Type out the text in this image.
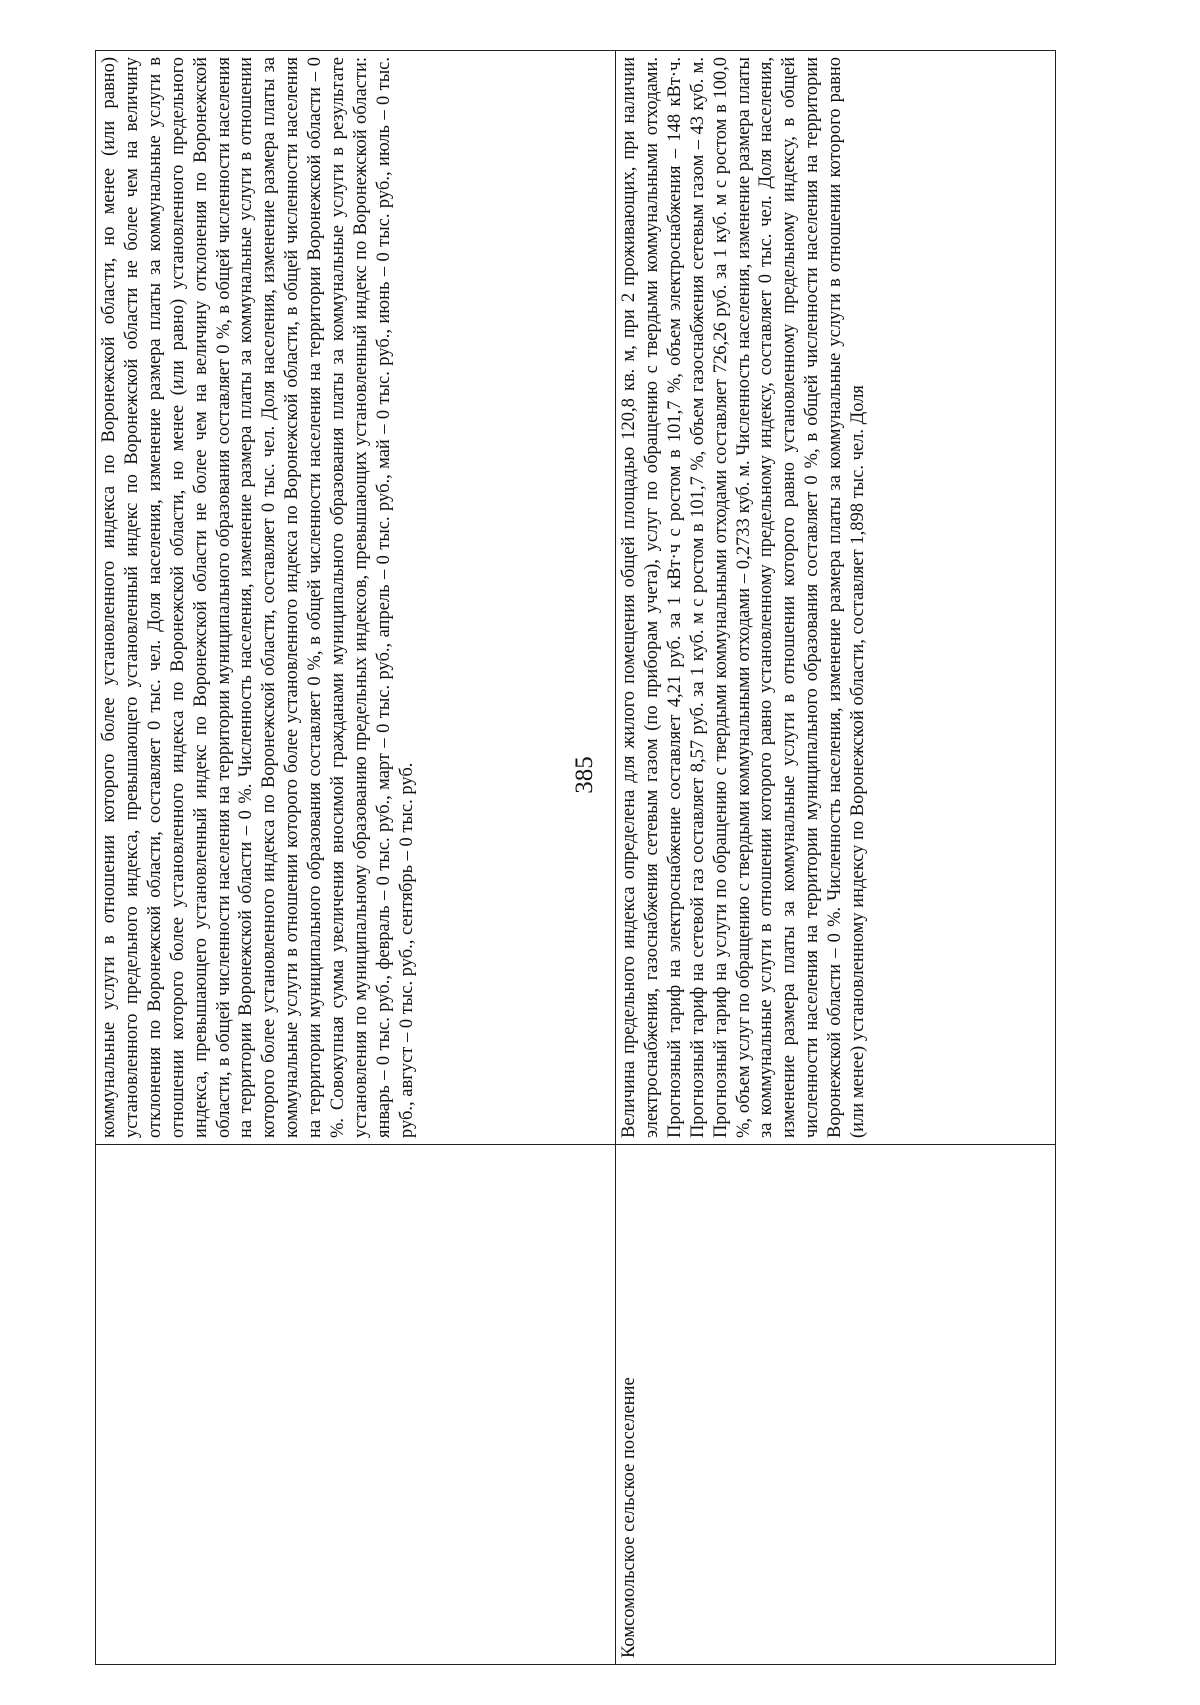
385
	коммунальные услуги в отношении которого более установленного индекса по Воронежской области, но менее (или равно) установленного предельного индекса, превышающего установленный индекс по Воронежской области не более чем на величину отклонения по Воронежской области, составляет 0 тыс. чел. Доля населения, изменение размера платы за коммунальные услуги в отношении которого более установленного индекса по Воронежской области, но менее (или равно) установленного предельного индекса, превышающего установленный индекс по Воронежской области не более чем на величину отклонения по Воронежской области, в общей численности населения на территории муниципального образования составляет 0 %, в общей численности населения на территории Воронежской области – 0 %. Численность населения, изменение размера платы за коммунальные услуги в отношении которого более установленного индекса по Воронежской области, составляет 0 тыс. чел. Доля населения, изменение размера платы за коммунальные услуги в отношении которого более установленного индекса по Воронежской области, в общей численности населения на территории муниципального образования составляет 0 %, в общей численности населения на территории Воронежской области – 0 %. Совокупная сумма увеличения вносимой гражданами муниципального образования платы за коммунальные услуги в результате установления по муниципальному образованию предельных индексов, превышающих установленный индекс по Воронежской области: январь – 0 тыс. руб., февраль – 0 тыс. руб., март – 0 тыс. руб., апрель – 0 тыс. руб., май – 0 тыс. руб., июнь – 0 тыс. руб., июль – 0 тыс. руб., август – 0 тыс. руб., сентябрь – 0 тыс. руб.
Комсомольское сельское поселение	Величина предельного индекса определена для жилого помещения общей площадью 120,8 кв. м, при 2 проживающих, при наличии электроснабжения, газоснабжения сетевым газом (по приборам учета), услуг по обращению с твердыми коммунальными отходами. Прогнозный тариф на электроснабжение составляет 4,21 руб. за 1 кВт·ч с ростом в 101,7 %, объем электроснабжения – 148 кВт·ч. Прогнозный тариф на сетевой газ составляет 8,57 руб. за 1 куб. м с ростом в 101,7 %, объем газоснабжения сетевым газом – 43 куб. м. Прогнозный тариф на услуги по обращению с твердыми коммунальными отходами составляет 726,26 руб. за 1 куб. м с ростом в 100,0 %, объем услуг по обращению с твердыми коммунальными отходами – 0,2733 куб. м. Численность населения, изменение размера платы за коммунальные услуги в отношении которого равно установленному предельному индексу, составляет 0 тыс. чел. Доля населения, изменение размера платы за коммунальные услуги в отношении которого равно установленному предельному индексу, в общей численности населения на территории муниципального образования составляет 0 %, в общей численности населения на территории Воронежской области – 0 %. Численность населения, изменение размера платы за коммунальные услуги в отношении которого равно (или менее) установленному индексу по Воронежской области, составляет 1,898 тыс. чел. Доля
